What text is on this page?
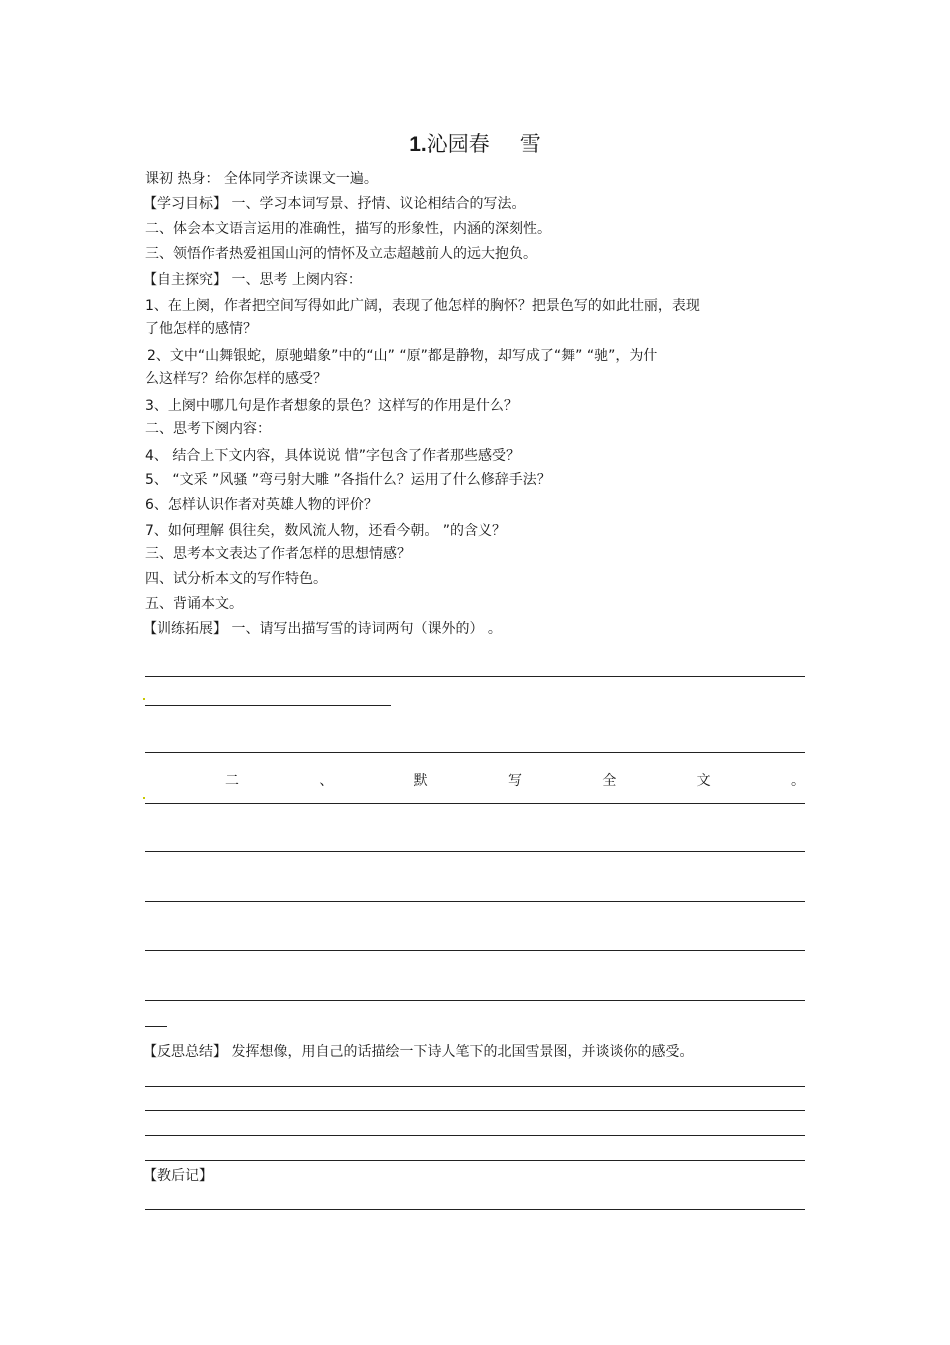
1.沁园春 雪
课初 热身： 全体同学齐读课文一遍。
【学习目标】 一、学习本词写景、抒情、议论相结合的写法。
二、体会本文语言运用的准确性，描写的形象性，内涵的深刻性。
三、领悟作者热爱祖国山河的情怀及立志超越前人的远大抱负。
【自主探究】 一、思考 上阕内容：
1、在上阕，作者把空间写得如此广阔，表现了他怎样的胸怀？把景色写的如此壮丽，表现
了他怎样的感情？
2、文中“山舞银蛇，原驰蜡象”中的“山” “原”都是静物，却写成了“舞” “驰”，为什
么这样写？给你怎样的感受？
3、上阕中哪几句是作者想象的景色？这样写的作用是什么？
二、思考下阕内容：
4、 结合上下文内容，具体说说 惜”字包含了作者那些感受？
5、 “文采 ”风骚 ”弯弓射大雕 ”各指什么？运用了什么修辞手法？
6、怎样认识作者对英雄人物的评价？
7、如何理解 俱往矣，数风流人物，还看今朝。 ”的含义？
三、思考本文表达了作者怎样的思想情感？
四、试分析本文的写作特色。
五、背诵本文。
【训练拓展】 一、请写出描写雪的诗词两句（课外的） 。
二	、	默	写	全	文	。
【反思总结】 发挥想像，用自己的话描绘一下诗人笔下的北国雪景图，并谈谈你的感受。
【教后记】
